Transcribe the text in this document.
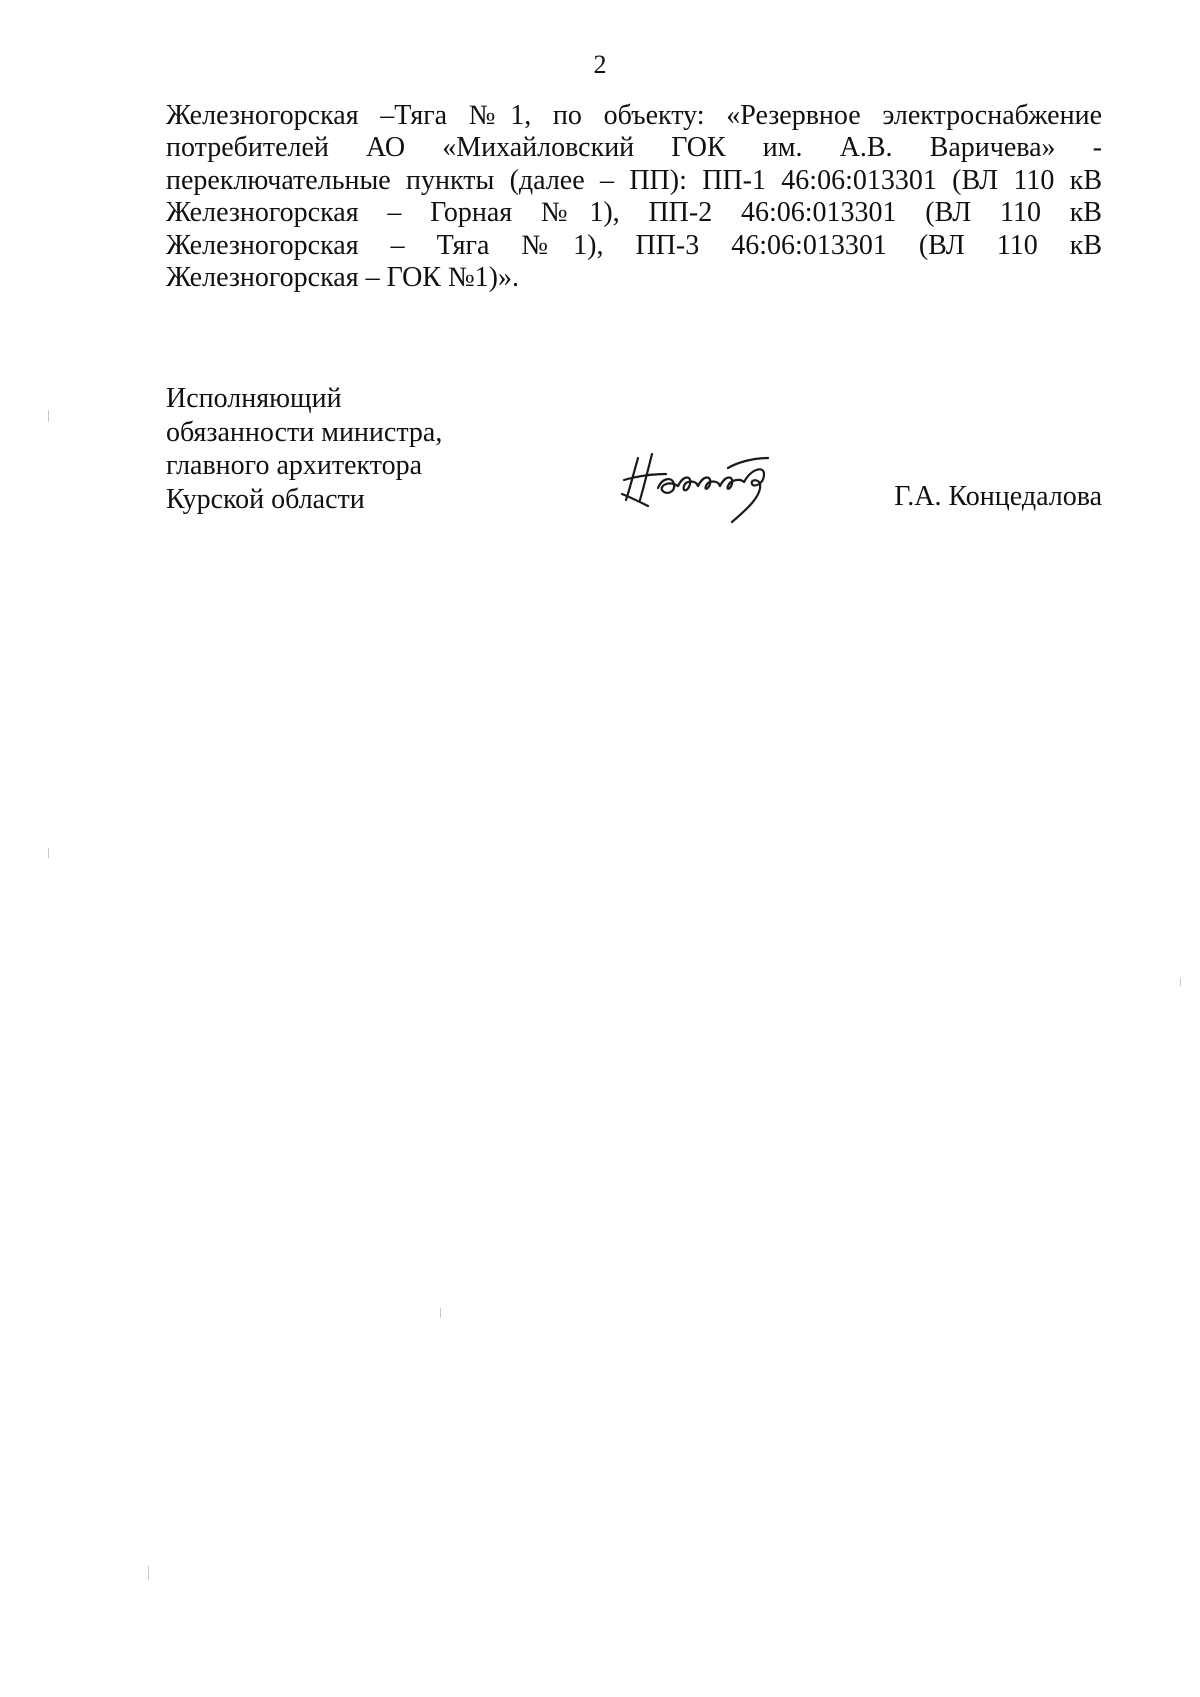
2
Железногорская –Тяга №1, по объекту: «Резервное электроснабжение
потребителей АО «Михайловский ГОК им. А.В. Варичева» -
переключательные пункты (далее – ПП): ПП-1 46:06:013301 (ВЛ 110 кВ
Железногорская – Горная №1), ПП-2 46:06:013301 (ВЛ 110 кВ
Железногорская – Тяга №1), ПП-3 46:06:013301 (ВЛ 110 кВ
Железногорская – ГОК №1)».
Исполняющий
обязанности министра,
главного архитектора
Курской области	Г.А. Концедалова
